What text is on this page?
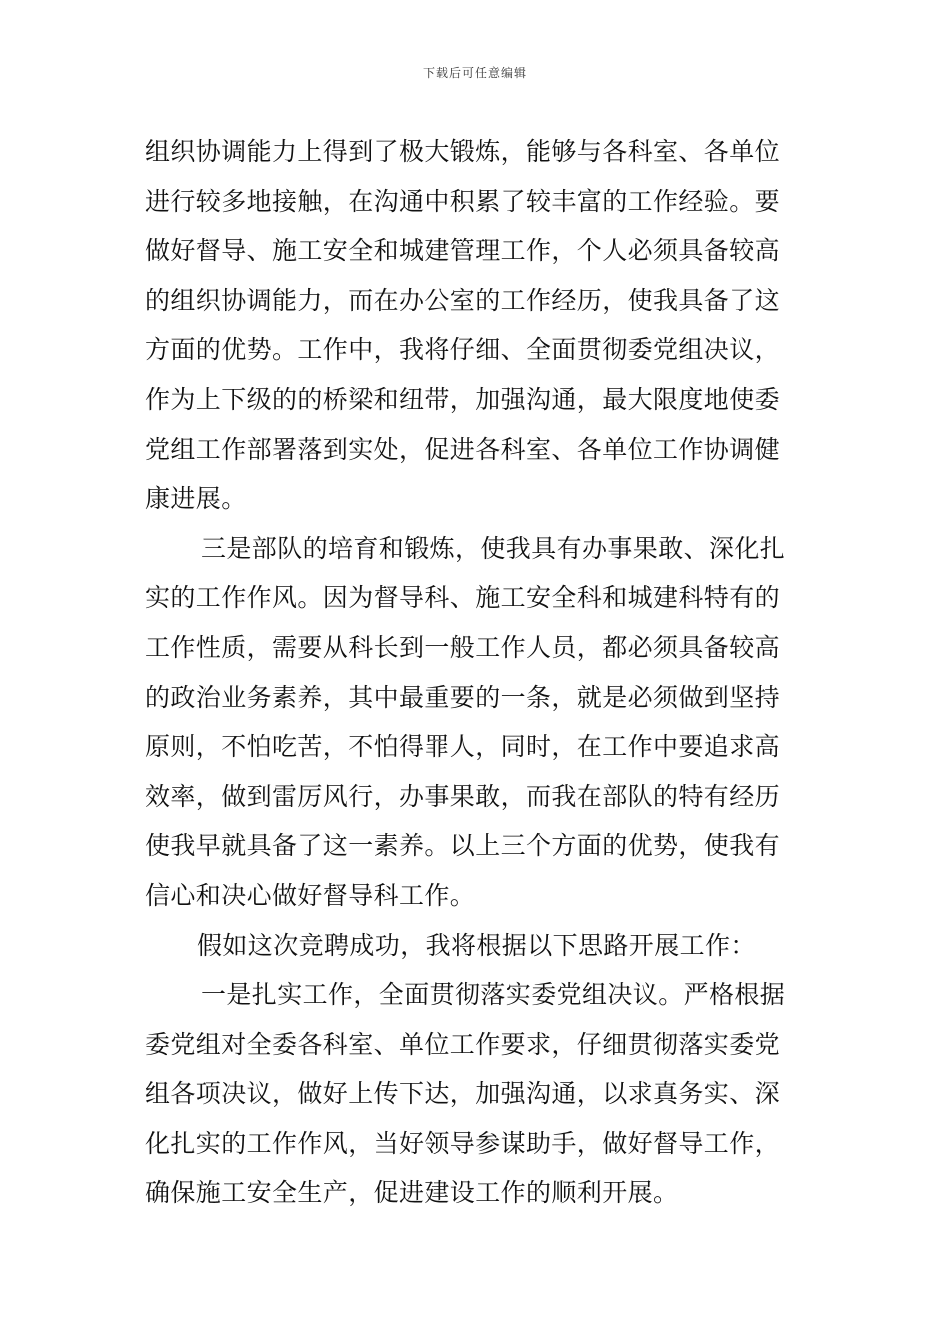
下载后可任意编辑
组织协调能力上得到了极大锻炼，能够与各科室、各单位
进行较多地接触，在沟通中积累了较丰富的工作经验。要
做好督导、施工安全和城建管理工作，个人必须具备较高
的组织协调能力，而在办公室的工作经历，使我具备了这
方面的优势。工作中，我将仔细、全面贯彻委党组决议，
作为上下级的的桥梁和纽带，加强沟通，最大限度地使委
党组工作部署落到实处，促进各科室、各单位工作协调健
康进展。
三是部队的培育和锻炼，使我具有办事果敢、深化扎
实的工作作风。因为督导科、施工安全科和城建科特有的
工作性质，需要从科长到一般工作人员，都必须具备较高
的政治业务素养，其中最重要的一条，就是必须做到坚持
原则，不怕吃苦，不怕得罪人，同时，在工作中要追求高
效率，做到雷厉风行，办事果敢，而我在部队的特有经历
使我早就具备了这一素养。以上三个方面的优势，使我有
信心和决心做好督导科工作。
假如这次竞聘成功，我将根据以下思路开展工作：
一是扎实工作，全面贯彻落实委党组决议。严格根据
委党组对全委各科室、单位工作要求，仔细贯彻落实委党
组各项决议，做好上传下达，加强沟通，以求真务实、深
化扎实的工作作风，当好领导参谋助手，做好督导工作，
确保施工安全生产，促进建设工作的顺利开展。
